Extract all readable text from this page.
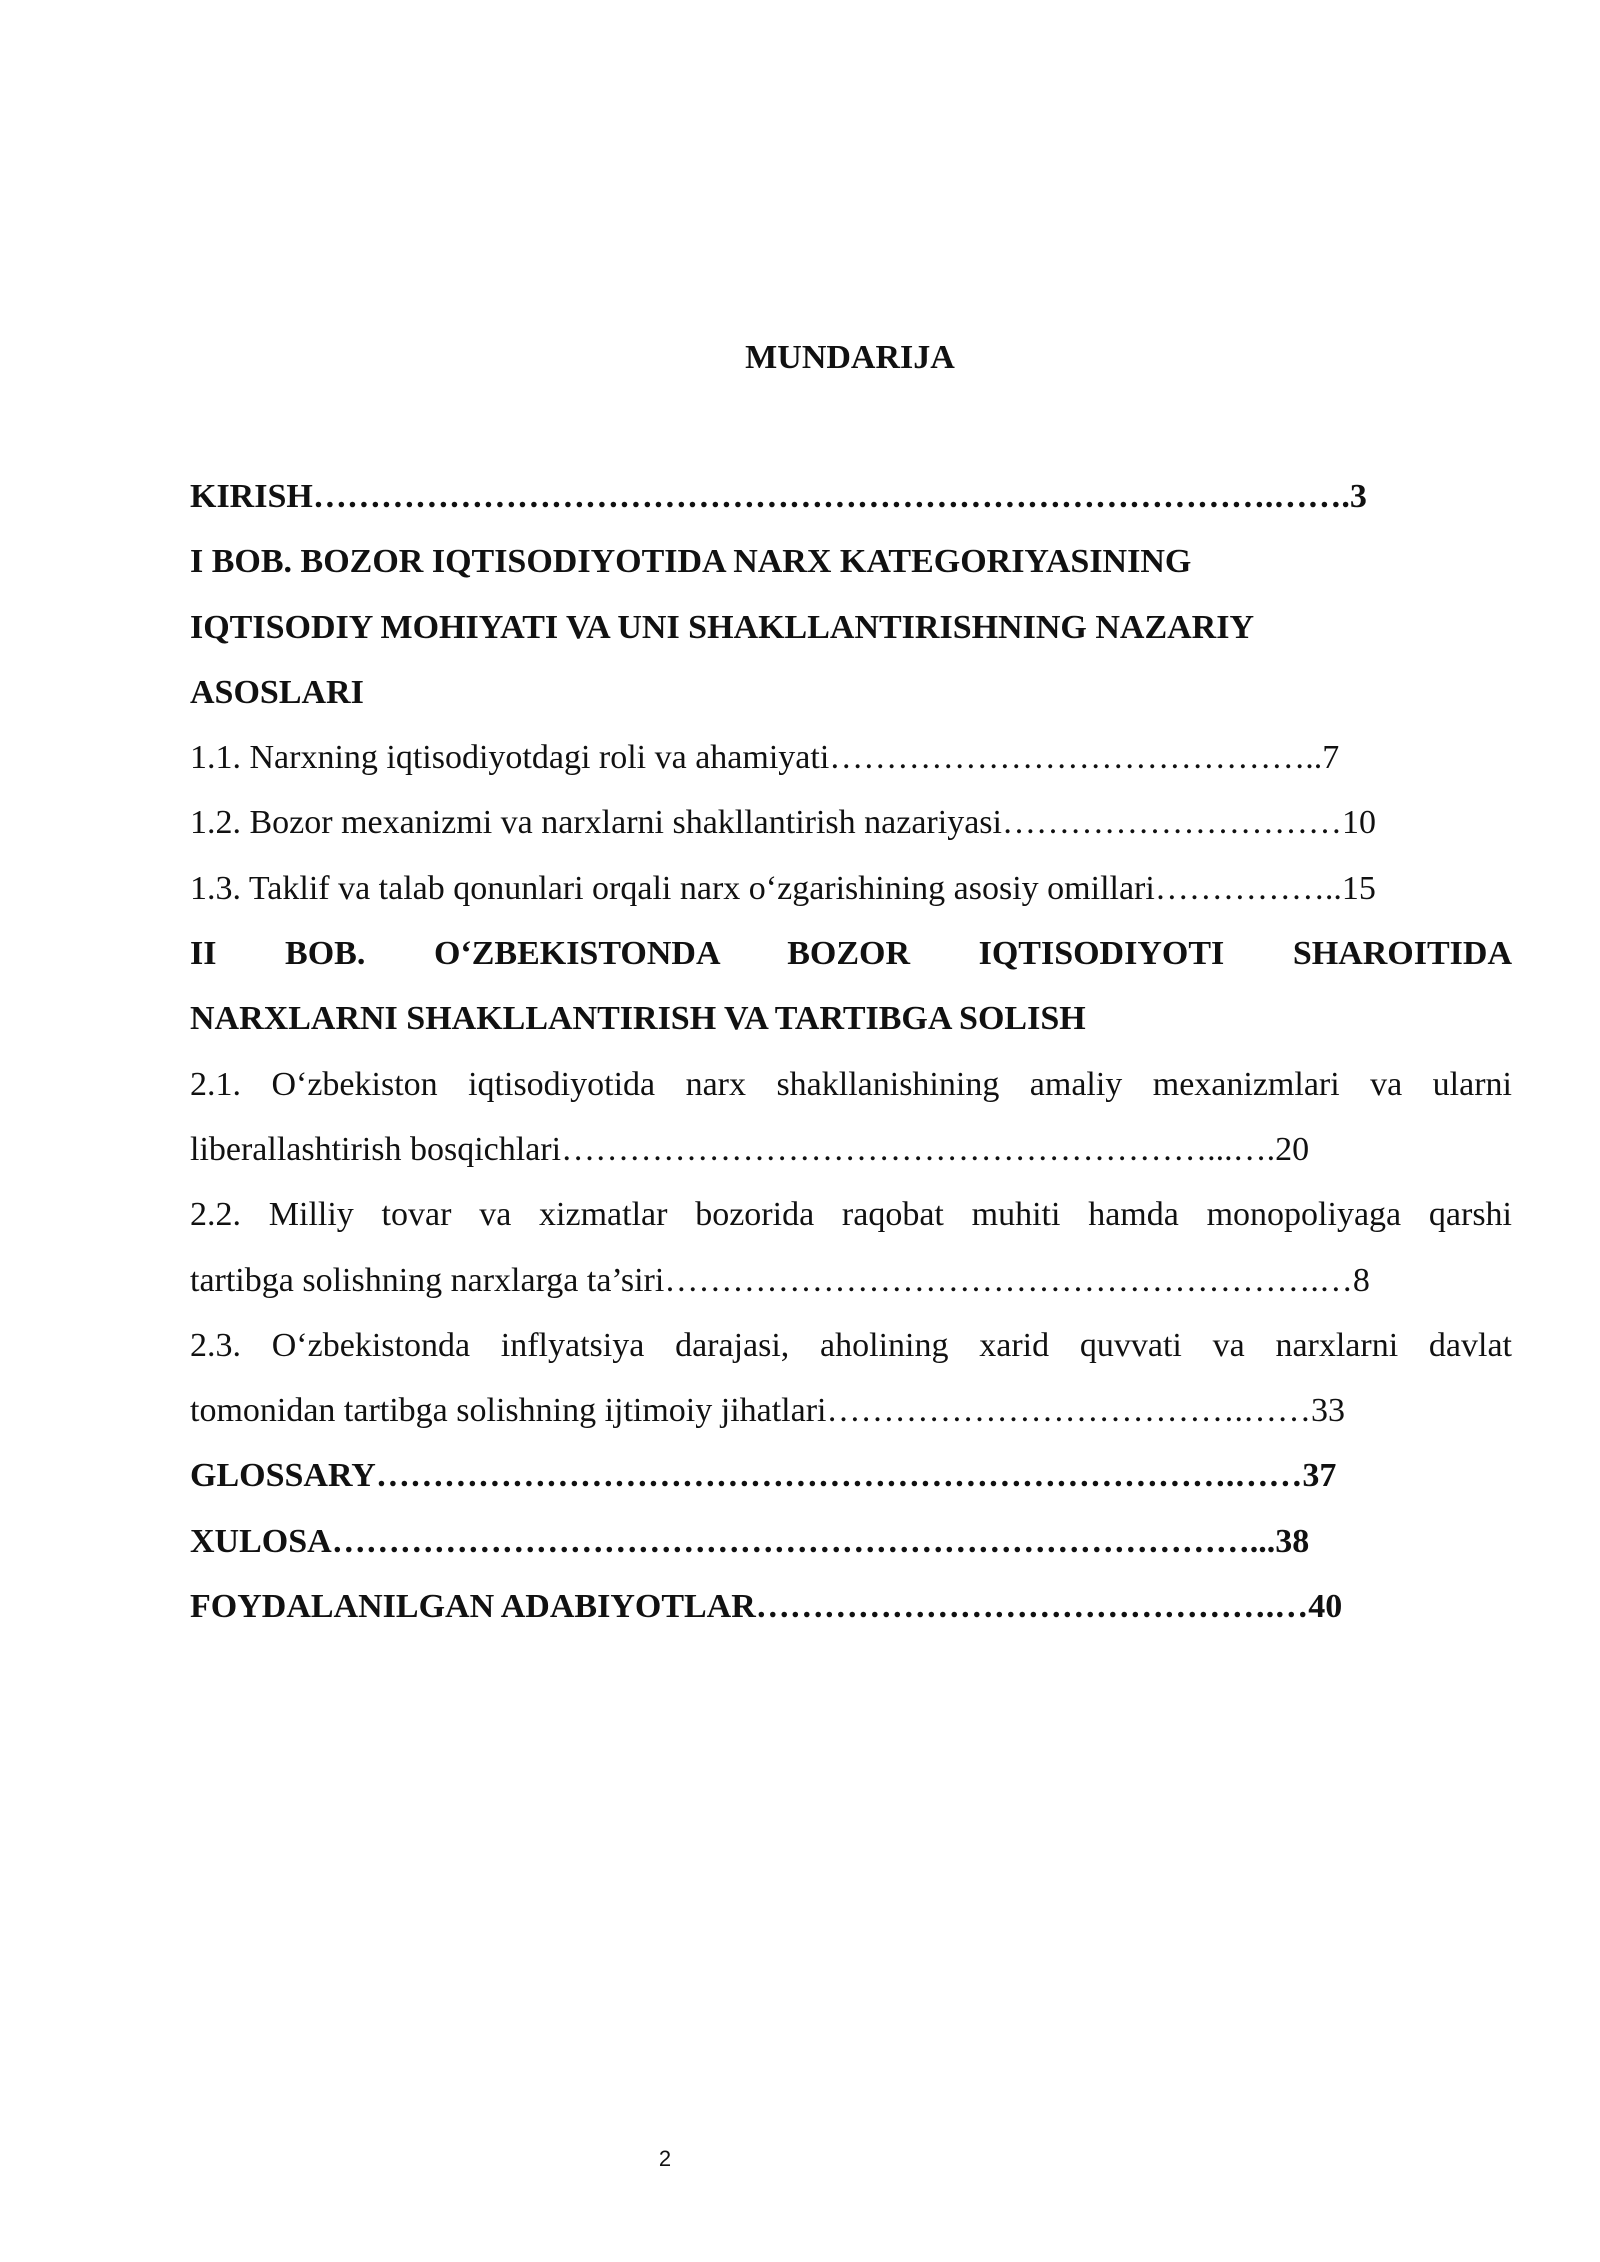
MUNDARIJA

KIRISH………………………………………………………………………….…….3

I BOB. BOZOR IQTISODIYOTIDA NARX KATEGORIYASINING

IQTISODIY MOHIYATI VA UNI SHAKLLANTIRISHNING NAZARIY

ASOSLARI

1.1. Narxning iqtisodiyotdagi roli va ahamiyati……………………………………..7

1.2. Bozor mexanizmi va narxlarni shakllantirish nazariyasi…………………………10

1.3. Taklif va talab qonunlari orqali narx o‘zgarishining asosiy omillari……………..15

II BOB. O‘ZBEKISTONDA BOZOR IQTISODIYOTI SHAROITIDA

NARXLARNI SHAKLLANTIRISH VA TARTIBGA SOLISH

2.1. O‘zbekiston iqtisodiyotida narx shakllanishining amaliy mexanizmlari va ularni

liberallashtirish bosqichlari…………………………………………………...….20

2.2. Milliy tovar va xizmatlar bozorida raqobat muhiti hamda monopoliyaga qarshi

tartibga solishning narxlarga ta’siri………………………………………………….…8

2.3. O‘zbekistonda inflyatsiya darajasi, aholining xarid quvvati va narxlarni davlat

tomonidan tartibga solishning ijtimoiy jihatlari……………………………….……33

GLOSSARY………………………………………………………………….……37

XULOSA………………………………………………………………………...38

FOYDALANILGAN ADABIYOTLAR……………………………………….…40

2
